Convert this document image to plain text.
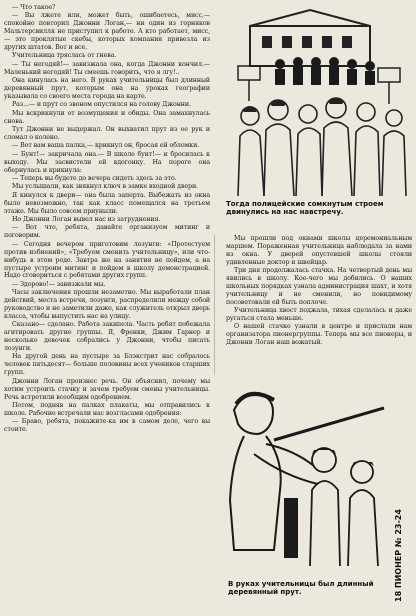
— Что такое?

— Вы лжете или, может быть, ошибаетесь, мисс,— спокойно повторил Джонни Логан,— ни один из горняков Мальтерсвилля не приступил к работе. А кто работает, мисс,— это проклятые скебы, которых компания привезла из других штатов. Вот и все.

Учительница тряслась от гнева.

— Ты негодяй!— завизжала она, когда Джонни кончил.— Маленький негодяй! Ты смеешь говорить, что я лгу!..

Она кинулась на него. В руках учительницы был длинный деревянный прут, которым она на уроках географии указывала со своего места города на карте.

Раз...— и прут со звоном опустился на голову Джонни.

Мы вскрикнули от возмущения и обиды. Она замахнулась снова.

Тут Джонни не выдержал. Он выхватил прут из ее рук и сломал о колено.

— Вот вам ваша палка,— крикнул он, бросая ей обломки.

— Бунт!— закричала она.— В школе бунт!— и бросилась к выходу. Мы засвистели ей вдогонку. На пороге она обернулась и крикнула:

— Теперь вы будете до вечера сидеть здесь за это.

Мы услышали, как звякнул ключ в замке входной двери.

Я кинулся к двери— она была заперта. Выбежать из окна было невозможно, так как класс помещался на третьем этаже. Мы было совсем приуныли.

Но Джонни Логан вывел нас из затруднения.

— Вот что, ребята, давайте организуем митинг и поговорим.

— Сегодня вечером приготовим лозунги: «Протестуем против избиений», «Требуем сменить учительницу», или что-нибудь в этом роде. Завтра же на занятия не пойдем, а на пустыре устроим митинг и пойдем в школу демонстрацией. Надо сговориться с ребятами других групп.

— Здорово!— завизжали мы.

Часы заключения прошли незаметно. Мы выработали план действий, места встречи, лозунги, распределили между собой руководство и не заметили даже, как служитель открыл дверь класса, чтобы выпустить нас на улицу.

Сказано— сделано. Работа закипела. Часть ребят побежала агитировать другие группы. Я, Френки, Джим Гарнер и несколько девочек собрались у Джонни, чтобы писать лозунги.

На другой день на пустыре за Блэкстрит нас собралось человек пятьдесят— больше половины всех учеников старших групп.

Джонни Логан произнес речь. Он объяснил, почему мы хотим устроить стачку и зачем требуем смены учительницы. Речь встретили всеобщим одобрением.

Потом, подняв на палках плакаты, мы отправились к школе. Рабочие встречали нас возгласами одобрения:

— Браво, ребята, покажите-ка им в самом деле, чего вы стоите.

Тогда полицейские сомкнутым строем двинулись на нас навстречу.

Мы прошли под окнами школы церемониальным маршем. Пораженная учительница наблюдала за нами из окна. У дверей опустевшей школы стояли удивленные доктор и швейцар.

Три дня продолжалась стачка. На четвертый день мы явились в школу. Кое-чего мы добились. О наших школьных порядках узнала администрация шахт, и хотя учительницу и не сменили, но повидимому посоветовали ей быть поплоче.

Учительница хвост поджала, тихая сделалась и даже ругаться стала меньше.

О нашей стачке узнали в центре и прислали нам организатора пионергруппы. Теперь мы все пионеры, и Джонни Логан наш вожатый.

В руках учительницы был длинный деревянный прут.	18 ПИОНЕР № 23-24
